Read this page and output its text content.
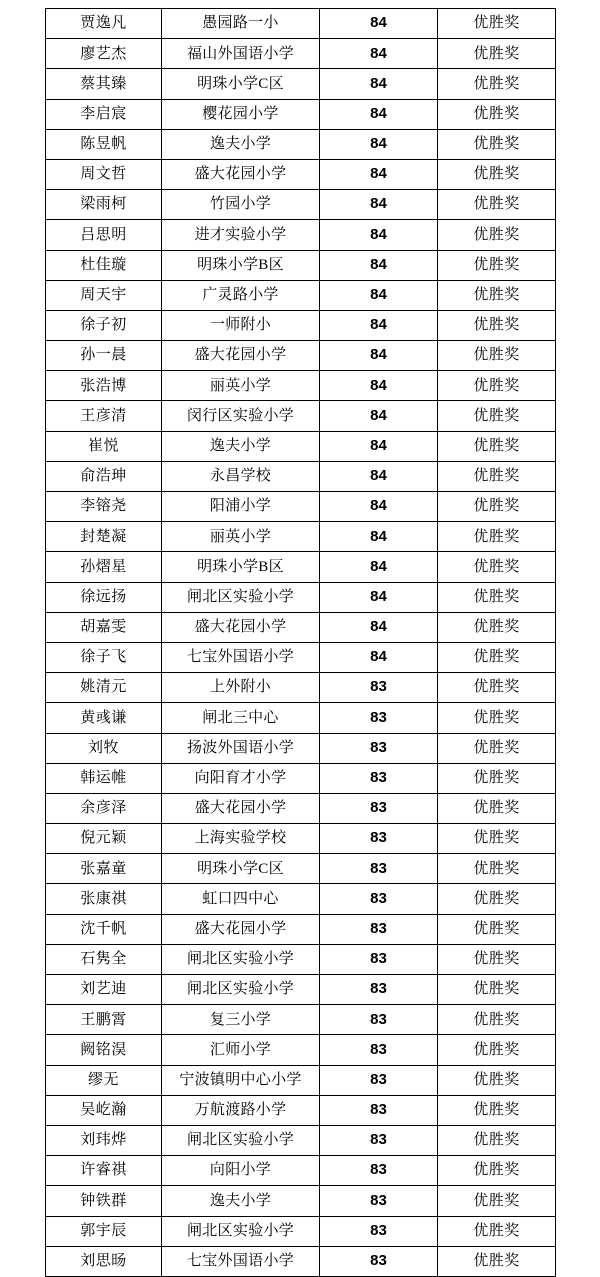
贾逸凡	愚园路一小	84	优胜奖
廖艺杰	福山外国语小学	84	优胜奖
蔡其臻	明珠小学C区	84	优胜奖
李启宸	樱花园小学	84	优胜奖
陈昱帆	逸夫小学	84	优胜奖
周文哲	盛大花园小学	84	优胜奖
梁雨柯	竹园小学	84	优胜奖
吕思明	进才实验小学	84	优胜奖
杜佳璇	明珠小学B区	84	优胜奖
周天宇	广灵路小学	84	优胜奖
徐子初	一师附小	84	优胜奖
孙一晨	盛大花园小学	84	优胜奖
张浩博	丽英小学	84	优胜奖
王彦清	闵行区实验小学	84	优胜奖
崔悦	逸夫小学	84	优胜奖
俞浩珅	永昌学校	84	优胜奖
李镕尧	阳浦小学	84	优胜奖
封楚凝	丽英小学	84	优胜奖
孙熠星	明珠小学B区	84	优胜奖
徐远扬	闸北区实验小学	84	优胜奖
胡嘉雯	盛大花园小学	84	优胜奖
徐子飞	七宝外国语小学	84	优胜奖
姚清元	上外附小	83	优胜奖
黄彧谦	闸北三中心	83	优胜奖
刘牧	扬波外国语小学	83	优胜奖
韩运帷	向阳育才小学	83	优胜奖
余彦泽	盛大花园小学	83	优胜奖
倪元颖	上海实验学校	83	优胜奖
张嘉童	明珠小学C区	83	优胜奖
张康祺	虹口四中心	83	优胜奖
沈千帆	盛大花园小学	83	优胜奖
石隽全	闸北区实验小学	83	优胜奖
刘艺迪	闸北区实验小学	83	优胜奖
王鹏霄	复三小学	83	优胜奖
阙铭淏	汇师小学	83	优胜奖
缪无	宁波镇明中心小学	83	优胜奖
吴屹瀚	万航渡路小学	83	优胜奖
刘玮烨	闸北区实验小学	83	优胜奖
许睿祺	向阳小学	83	优胜奖
钟铁群	逸夫小学	83	优胜奖
郭宇辰	闸北区实验小学	83	优胜奖
刘思旸	七宝外国语小学	83	优胜奖
